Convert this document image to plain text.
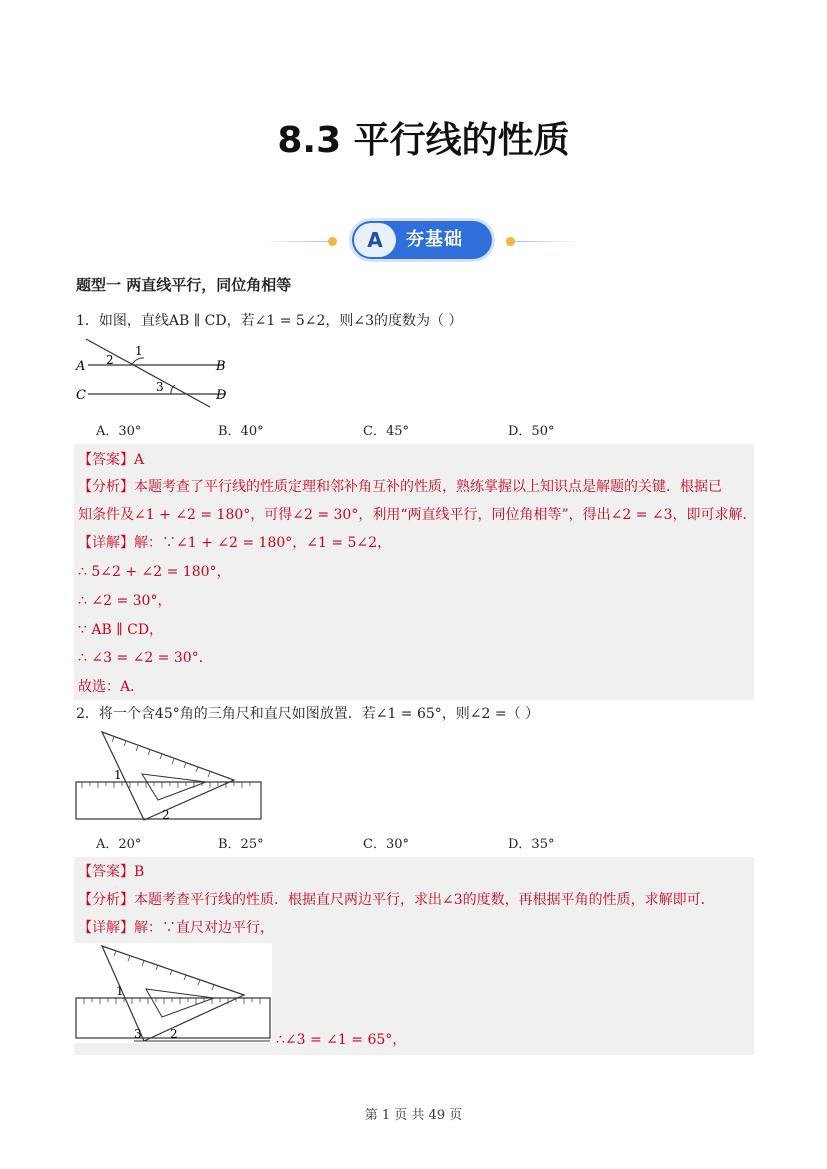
8.3 平行线的性质
A	夯基础
题型一 两直线平行，同位角相等
1．如图，直线AB ∥ CD，若∠1 = 5∠2，则∠3的度数为（ ）
A	B
C	D
2
1
3
A．30°	B．40°	C．45°	D．50°
【答案】A
【分析】本题考查了平行线的性质定理和邻补角互补的性质，熟练掌握以上知识点是解题的关键．根据已
知条件及∠1 + ∠2 = 180°，可得∠2 = 30°，利用“两直线平行，同位角相等”，得出∠2 = ∠3，即可求解．
【详解】解：∵∠1 + ∠2 = 180°，∠1 = 5∠2，
∴ 5∠2 + ∠2 = 180°，
∴ ∠2 = 30°，
∵ AB ∥ CD，
∴ ∠3 = ∠2 = 30°．
故选：A．
2．将一个含45°角的三角尺和直尺如图放置．若∠1 = 65°，则∠2 =（ ）
1
2
A．20°	B．25°	C．30°	D．35°
【答案】B
【分析】本题考查平行线的性质．根据直尺两边平行，求出∠3的度数，再根据平角的性质，求解即可．
【详解】解：∵直尺对边平行，
1
3 2	∴∠3 = ∠1 = 65°，
第 1 页 共 49 页
